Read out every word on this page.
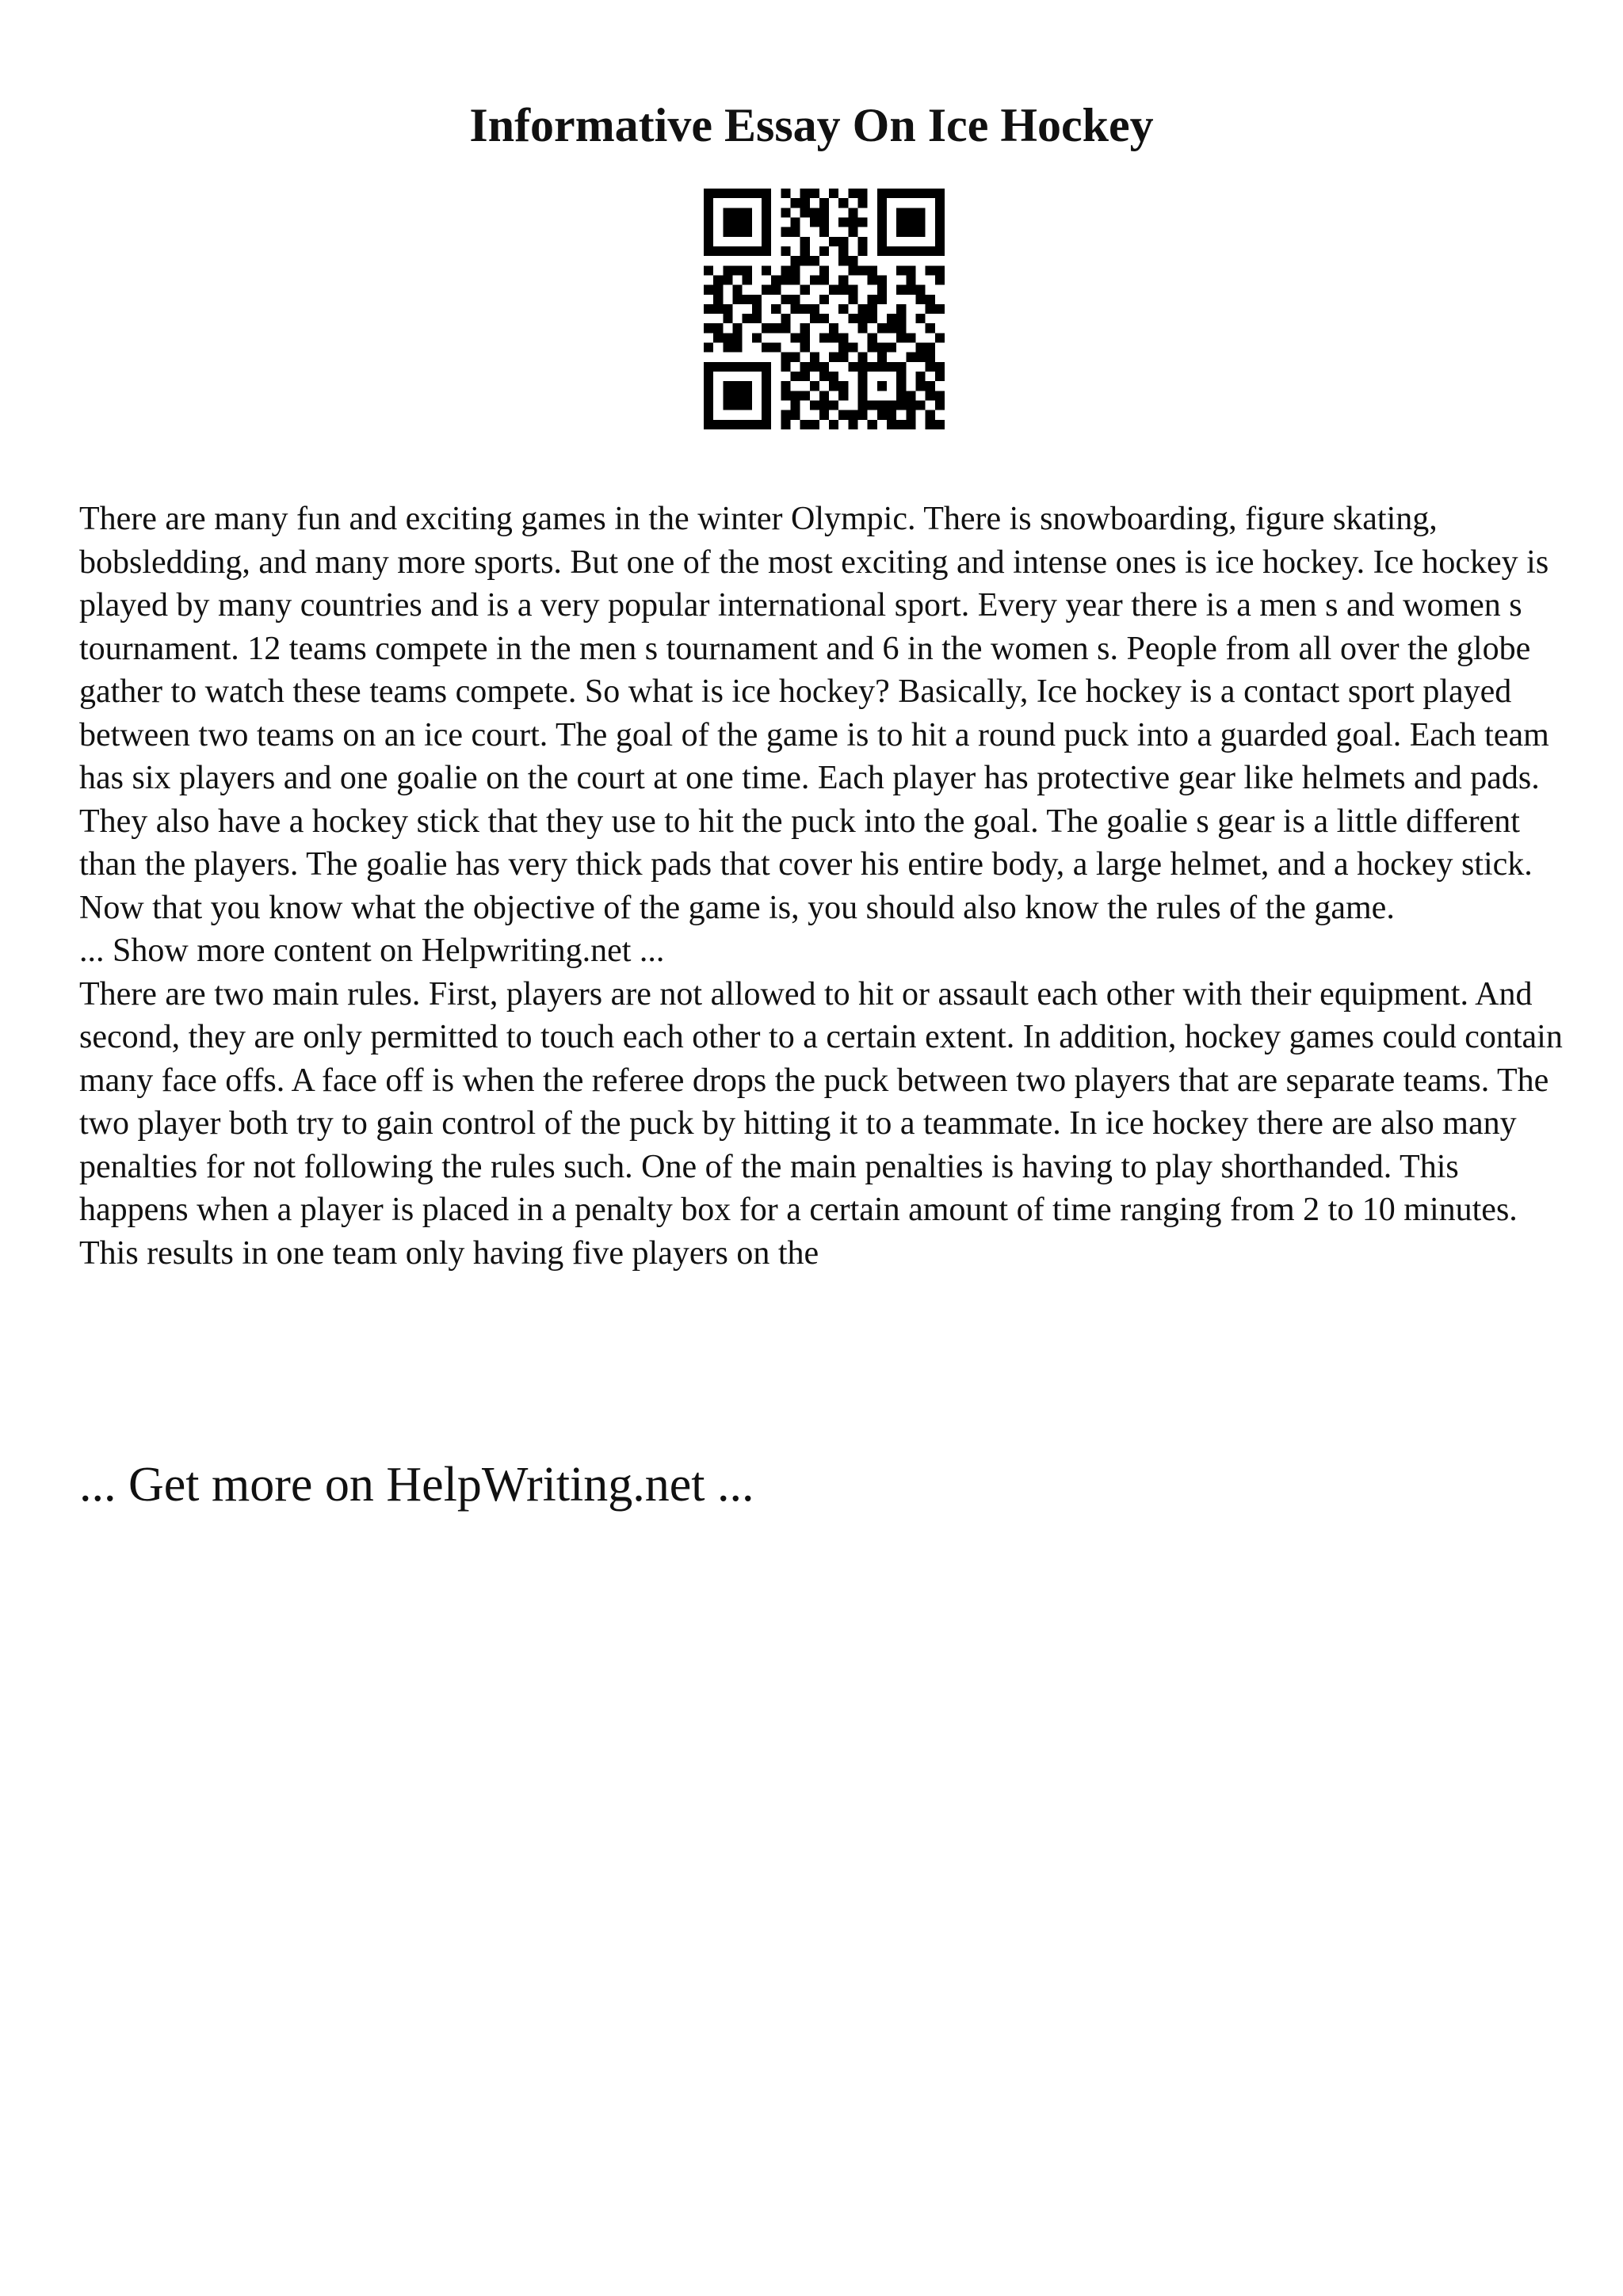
Informative Essay On Ice Hockey

There are many fun and exciting games in the winter Olympic. There is snowboarding, figure skating, bobsledding, and many more sports. But one of the most exciting and intense ones is ice hockey. Ice hockey is played by many countries and is a very popular international sport. Every year there is a men s and women s tournament. 12 teams compete in the men s tournament and 6 in the women s. People from all over the globe gather to watch these teams compete. So what is ice hockey? Basically, Ice hockey is a contact sport played between two teams on an ice court. The goal of the game is to hit a round puck into a guarded goal. Each team has six players and one goalie on the court at one time. Each player has protective gear like helmets and pads. They also have a hockey stick that they use to hit the puck into the goal. The goalie s gear is a little different than the players. The goalie has very thick pads that cover his entire body, a large helmet, and a hockey stick.

Now that you know what the objective of the game is, you should also know the rules of the game.

... Show more content on Helpwriting.net ...

There are two main rules. First, players are not allowed to hit or assault each other with their equipment. And second, they are only permitted to touch each other to a certain extent. In addition, hockey games could contain many face offs. A face off is when the referee drops the puck between two players that are separate teams. The two player both try to gain control of the puck by hitting it to a teammate. In ice hockey there are also many penalties for not following the rules such. One of the main penalties is having to play shorthanded. This happens when a player is placed in a penalty box for a certain amount of time ranging from 2 to 10 minutes. This results in one team only having five players on the

... Get more on HelpWriting.net ...
